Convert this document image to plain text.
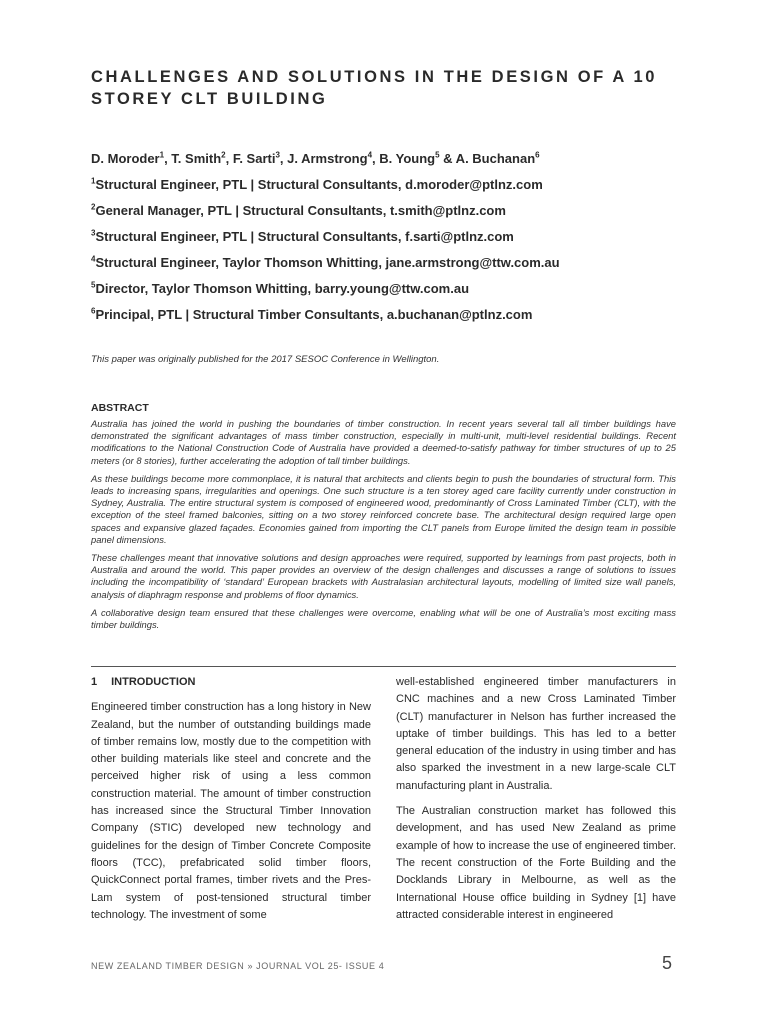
CHALLENGES AND SOLUTIONS IN THE DESIGN OF A 10 STOREY CLT BUILDING
D. Moroder$^1$, T. Smith$^2$, F. Sarti$^3$, J. Armstrong$^4$, B. Young$^5$ & A. Buchanan$^6$
$^1$Structural Engineer, PTL | Structural Consultants, d.moroder@ptlnz.com
$^2$General Manager, PTL | Structural Consultants, t.smith@ptlnz.com
$^3$Structural Engineer, PTL | Structural Consultants, f.sarti@ptlnz.com
$^4$Structural Engineer, Taylor Thomson Whitting, jane.armstrong@ttw.com.au
$^5$Director, Taylor Thomson Whitting, barry.young@ttw.com.au
$^6$Principal, PTL | Structural Timber Consultants, a.buchanan@ptlnz.com
This paper was originally published for the 2017 SESOC Conference in Wellington.
ABSTRACT

Australia has joined the world in pushing the boundaries of timber construction. In recent years several tall all timber buildings have demonstrated the significant advantages of mass timber construction, especially in multi-unit, multi-level residential buildings. Recent modifications to the National Construction Code of Australia have provided a deemed-to-satisfy pathway for timber structures of up to 25 meters (or 8 stories), further accelerating the adoption of tall timber buildings.

As these buildings become more commonplace, it is natural that architects and clients begin to push the boundaries of structural form. This leads to increasing spans, irregularities and openings. One such structure is a ten storey aged care facility currently under construction in Sydney, Australia. The entire structural system is composed of engineered wood, predominantly of Cross Laminated Timber (CLT), with the exception of the steel framed balconies, sitting on a two storey reinforced concrete base. The architectural design required large open spaces and expansive glazed façades. Economies gained from importing the CLT panels from Europe limited the design team in possible panel dimensions.

These challenges meant that innovative solutions and design approaches were required, supported by learnings from past projects, both in Australia and around the world. This paper provides an overview of the design challenges and discusses a range of solutions to issues including the incompatibility of ‘standard’ European brackets with Australasian architectural layouts, modelling of limited size wall panels, analysis of diaphragm response and problems of floor dynamics.

A collaborative design team ensured that these challenges were overcome, enabling what will be one of Australia’s most exciting mass timber buildings.

1 INTRODUCTION

Engineered timber construction has a long history in New Zealand, but the number of outstanding buildings made of timber remains low, mostly due to the competition with other building materials like steel and concrete and the perceived higher risk of using a less common construction material. The amount of timber construction has increased since the Structural Timber Innovation Company (STIC) developed new technology and guidelines for the design of Timber Concrete Composite floors (TCC), prefabricated solid timber floors, QuickConnect portal frames, timber rivets and the Pres-Lam system of post-tensioned structural timber technology. The investment of some

well-established engineered timber manufacturers in CNC machines and a new Cross Laminated Timber (CLT) manufacturer in Nelson has further increased the uptake of timber buildings. This has led to a better general education of the industry in using timber and has also sparked the investment in a new large-scale CLT manufacturing plant in Australia.

The Australian construction market has followed this development, and has used New Zealand as prime example of how to increase the use of engineered timber. The recent construction of the Forte Building and the Docklands Library in Melbourne, as well as the International House office building in Sydney [1] have attracted considerable interest in engineered

NEW ZEALAND TIMBER DESIGN » JOURNAL VOL 25- ISSUE 4	5
